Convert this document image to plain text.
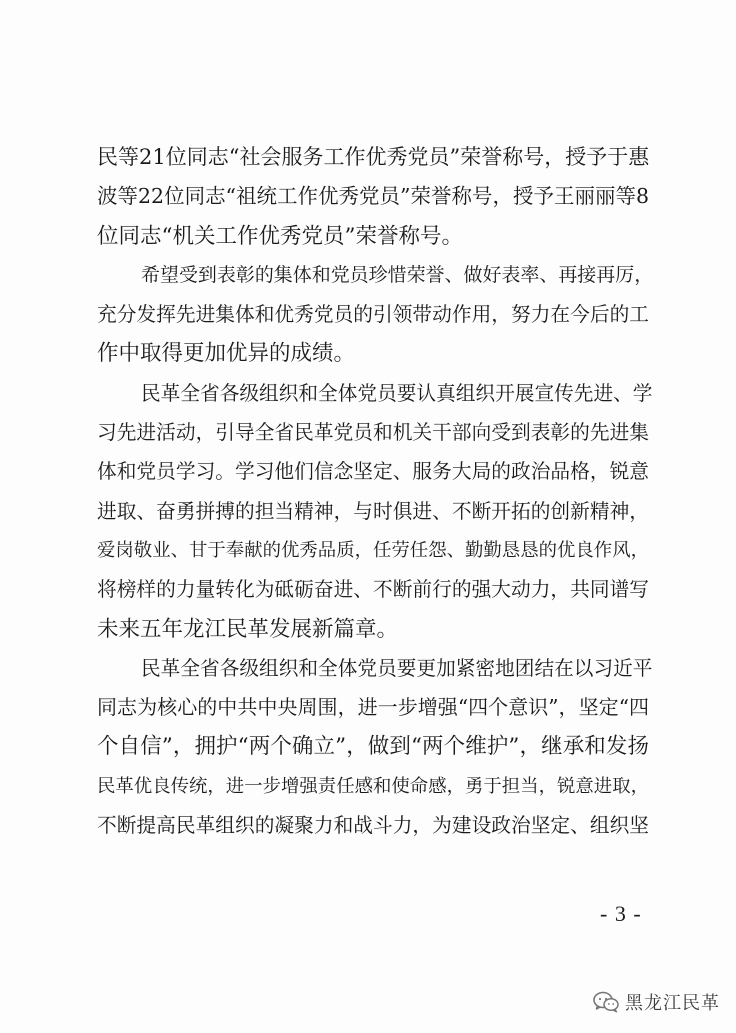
民等21位同志“社会服务工作优秀党员”荣誉称号，授予于惠
波等22位同志“祖统工作优秀党员”荣誉称号，授予王丽丽等8
位同志“机关工作优秀党员”荣誉称号。
希望受到表彰的集体和党员珍惜荣誉、做好表率、再接再厉，
充分发挥先进集体和优秀党员的引领带动作用，努力在今后的工
作中取得更加优异的成绩。
民革全省各级组织和全体党员要认真组织开展宣传先进、学
习先进活动，引导全省民革党员和机关干部向受到表彰的先进集
体和党员学习。学习他们信念坚定、服务大局的政治品格，锐意
进取、奋勇拼搏的担当精神，与时俱进、不断开拓的创新精神，
爱岗敬业、甘于奉献的优秀品质，任劳任怨、勤勤恳恳的优良作风，
将榜样的力量转化为砥砺奋进、不断前行的强大动力，共同谱写
未来五年龙江民革发展新篇章。
民革全省各级组织和全体党员要更加紧密地团结在以习近平
同志为核心的中共中央周围，进一步增强“四个意识”，坚定“四
个自信”，拥护“两个确立”，做到“两个维护”，继承和发扬
民革优良传统，进一步增强责任感和使命感，勇于担当，锐意进取，
不断提高民革组织的凝聚力和战斗力，为建设政治坚定、组织坚
- 3 -
黑龙江民革
